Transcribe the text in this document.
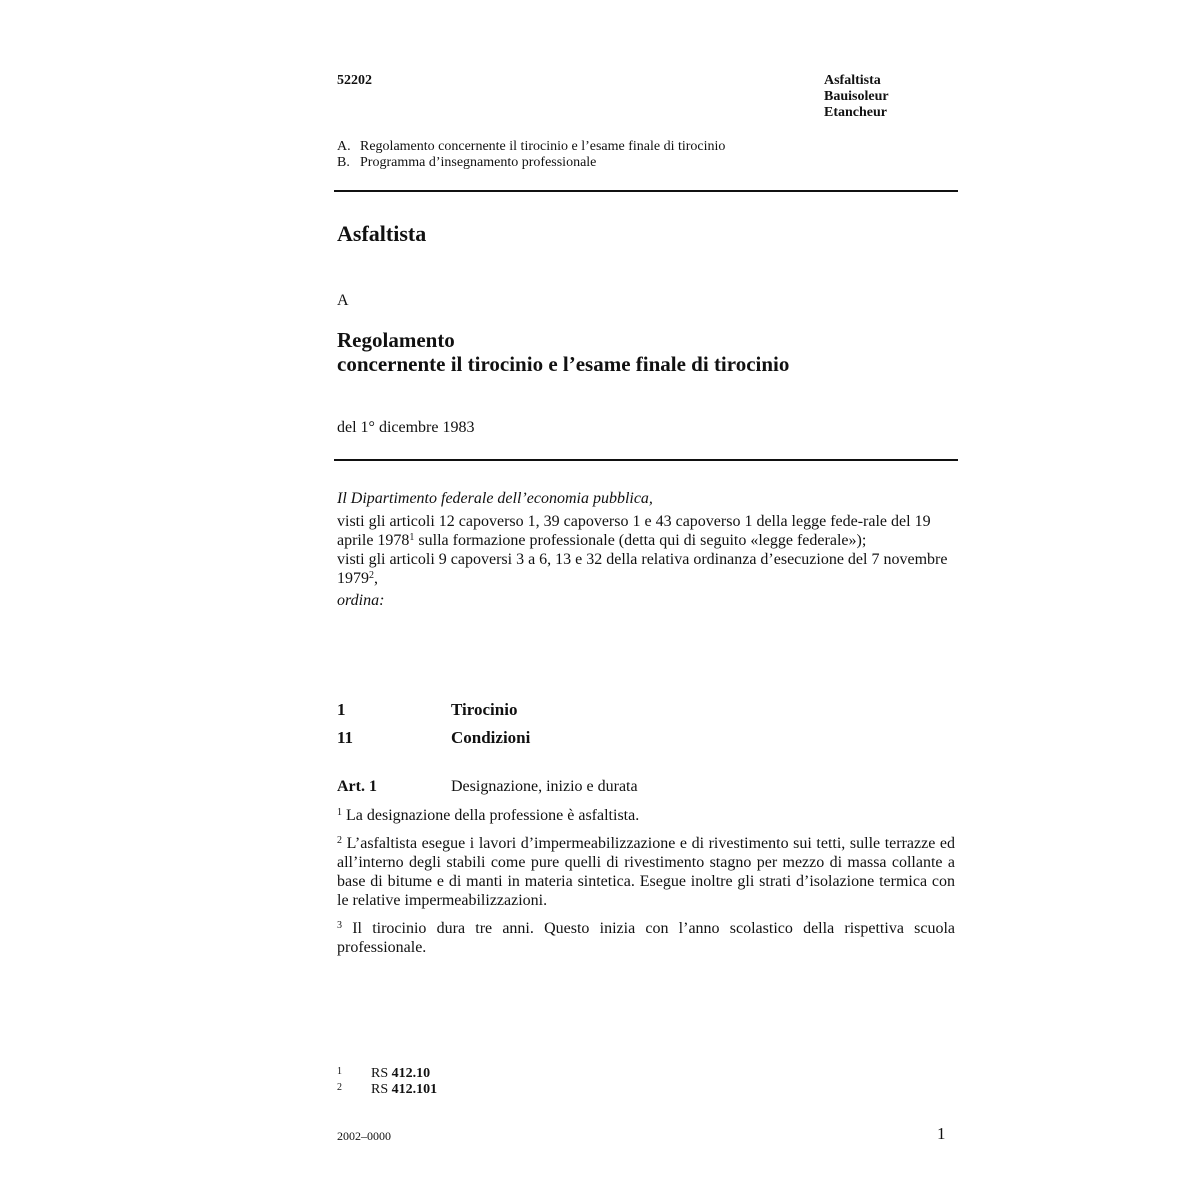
52202	Asfaltista
Bauisoleur
Etancheur
A. Regolamento concernente il tirocinio e l’esame finale di tirocinio
B. Programma d’insegnamento professionale
Asfaltista
A
Regolamento
concernente il tirocinio e l’esame finale di tirocinio
del 1° dicembre 1983

Il Dipartimento federale dell’economia pubblica,

visti gli articoli 12 capoverso 1, 39 capoverso 1 e 43 capoverso 1 della legge fede-rale del 19 aprile 1978$^1$ sulla formazione professionale (detta qui di seguito «legge federale»);

visti gli articoli 9 capoversi 3 a 6, 13 e 32 della relativa ordinanza d’esecuzione del 7 novembre 1979$^2$,

ordina:

1	Tirocinio
11	Condizioni
Art. 1	Designazione, inizio e durata

$^1$ La designazione della professione è asfaltista.

$^2$ L’asfaltista esegue i lavori d’impermeabilizzazione e di rivestimento sui tetti, sulle terrazze ed all’interno degli stabili come pure quelli di rivestimento stagno per mezzo di massa collante a base di bitume e di manti in materia sintetica. Esegue inoltre gli strati d’isolazione termica con le relative impermeabilizzazioni.

$^3$ Il tirocinio dura tre anni. Questo inizia con l’anno scolastico della rispettiva scuola professionale.

1 RS 412.10
2 RS 412.101
2002–0000	1
